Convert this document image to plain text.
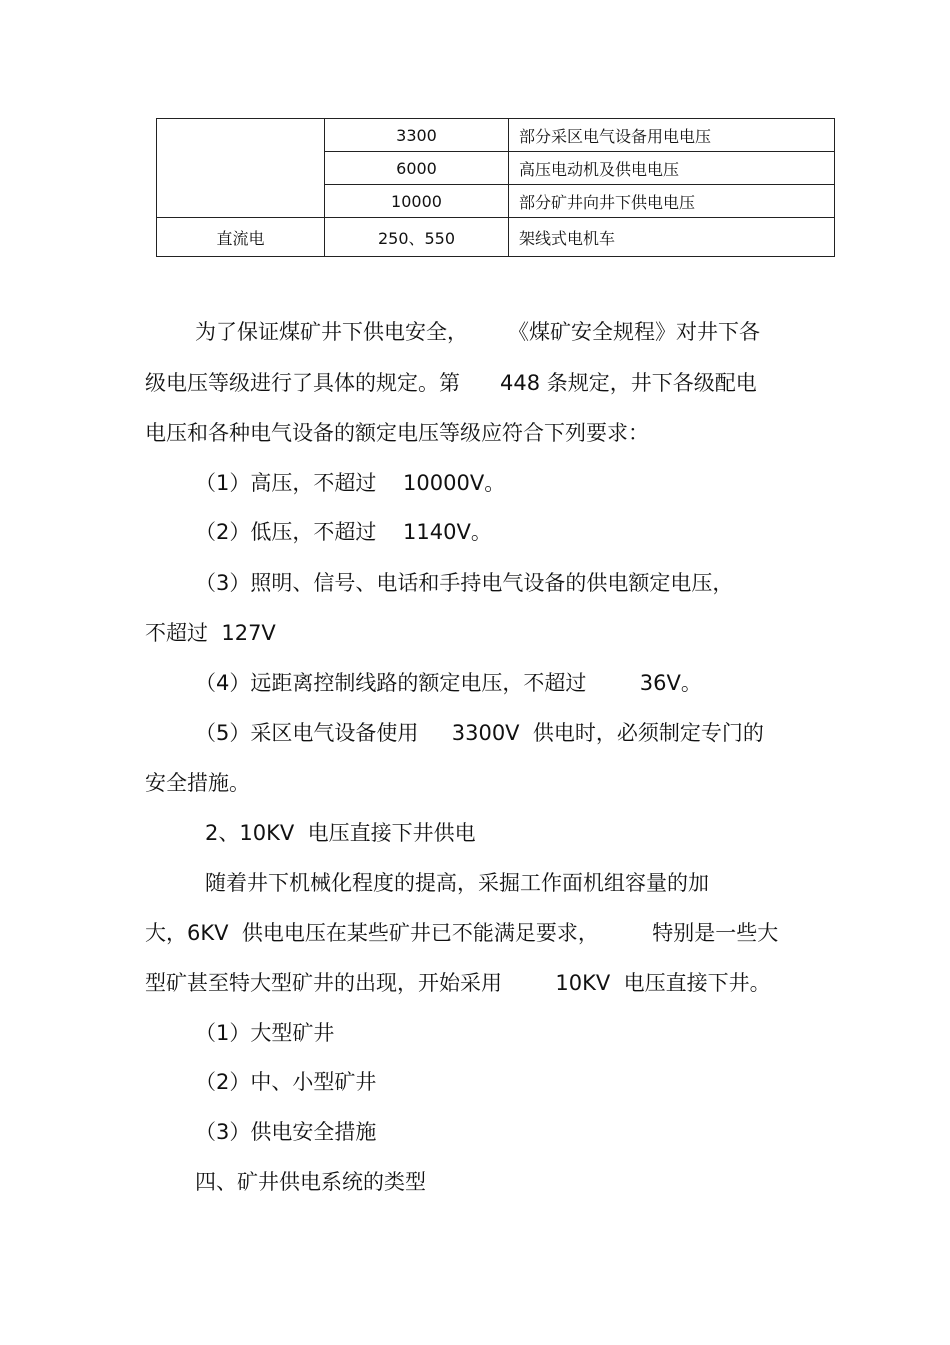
	3300	部分采区电气设备用电电压
	6000	高压电动机及供电电压
	10000	部分矿井向井下供电电压
直流电	250、550	架线式电机车

为了保证煤矿井下供电安全，      《煤矿安全规程》对井下各

级电压等级进行了具体的规定。第      448 条规定，井下各级配电

电压和各种电气设备的额定电压等级应符合下列要求：

（1）高压，不超过    10000V。

（2）低压，不超过    1140V。

（3）照明、信号、电话和手持电气设备的供电额定电压，

不超过  127V

（4）远距离控制线路的额定电压，不超过        36V。

（5）采区电气设备使用     3300V  供电时，必须制定专门的

安全措施。

2、10KV  电压直接下井供电

随着井下机械化程度的提高，采掘工作面机组容量的加

大，6KV  供电电压在某些矿井已不能满足要求，        特别是一些大

型矿甚至特大型矿井的出现，开始采用        10KV  电压直接下井。

（1）大型矿井

（2）中、小型矿井

（3）供电安全措施

四、矿井供电系统的类型
